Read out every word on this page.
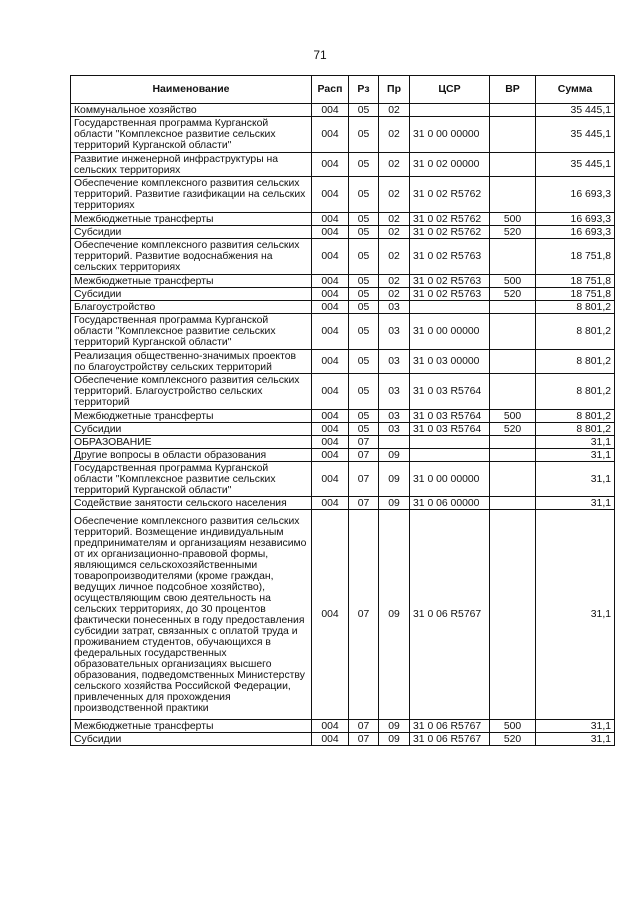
71
Наименование	Расп	Рз	Пр	ЦСР	ВР	Сумма
Коммунальное хозяйство	004	05	02			35 445,1
Государственная программа Курганской области "Комплексное развитие сельских территорий Курганской области"	004	05	02	31 0 00 00000		35 445,1
Развитие инженерной инфраструктуры на сельских территориях	004	05	02	31 0 02 00000		35 445,1
Обеспечение комплексного развития сельских территорий. Развитие газификации на сельских территориях	004	05	02	31 0 02 R5762		16 693,3
Межбюджетные трансферты	004	05	02	31 0 02 R5762	500	16 693,3
Субсидии	004	05	02	31 0 02 R5762	520	16 693,3
Обеспечение комплексного развития сельских территорий. Развитие водоснабжения на сельских территориях	004	05	02	31 0 02 R5763		18 751,8
Межбюджетные трансферты	004	05	02	31 0 02 R5763	500	18 751,8
Субсидии	004	05	02	31 0 02 R5763	520	18 751,8
Благоустройство	004	05	03			8 801,2
Государственная программа Курганской области "Комплексное развитие сельских территорий Курганской области"	004	05	03	31 0 00 00000		8 801,2
Реализация общественно-значимых проектов по благоустройству сельских территорий	004	05	03	31 0 03 00000		8 801,2
Обеспечение комплексного развития сельских территорий. Благоустройство сельских территорий	004	05	03	31 0 03 R5764		8 801,2
Межбюджетные трансферты	004	05	03	31 0 03 R5764	500	8 801,2
Субсидии	004	05	03	31 0 03 R5764	520	8 801,2
ОБРАЗОВАНИЕ	004	07				31,1
Другие вопросы в области образования	004	07	09			31,1
Государственная программа Курганской области "Комплексное развитие сельских территорий Курганской области"	004	07	09	31 0 00 00000		31,1
Содействие занятости сельского населения	004	07	09	31 0 06 00000		31,1
Обеспечение комплексного развития сельских территорий. Возмещение индивидуальным предпринимателям и организациям независимо от их организационно-правовой формы, являющимся сельскохозяйственными товаропроизводителями (кроме граждан, ведущих личное подсобное хозяйство), осуществляющим свою деятельность на сельских территориях, до 30 процентов фактически понесенных в году предоставления субсидии затрат, связанных с оплатой труда и проживанием студентов, обучающихся в федеральных государственных образовательных организациях высшего образования, подведомственных Министерству сельского хозяйства Российской Федерации, привлеченных для прохождения производственной практики	004	07	09	31 0 06 R5767		31,1
Межбюджетные трансферты	004	07	09	31 0 06 R5767	500	31,1
Субсидии	004	07	09	31 0 06 R5767	520	31,1
